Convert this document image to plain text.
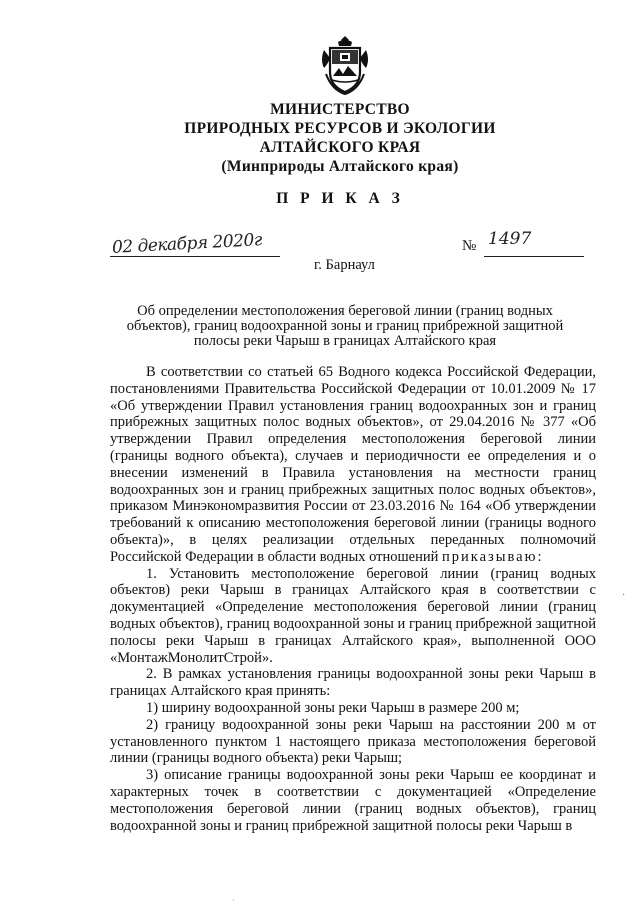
МИНИСТЕРСТВО
ПРИРОДНЫХ РЕСУРСОВ И ЭКОЛОГИИ
АЛТАЙСКОГО КРАЯ
(Минприроды Алтайского края)
П Р И К А З
02 декабря 2020г	№ 1497
г. Барнаул
Об определении местоположения береговой линии (границ водных
объектов), границ водоохранной зоны и границ прибрежной защитной
полосы реки Чарыш в границах Алтайского края

В соответствии со статьей 65 Водного кодекса Российской Федерации, постановлениями Правительства Российской Федерации от 10.01.2009 № 17 «Об утверждении Правил установления границ водоохранных зон и границ прибрежных защитных полос водных объектов», от 29.04.2016 № 377 «Об утверждении Правил определения местоположения береговой линии (границы водного объекта), случаев и периодичности ее определения и о внесении изменений в Правила установления на местности границ водоохранных зон и границ прибрежных защитных полос водных объектов», приказом Минэкономразвития России от 23.03.2016 № 164 «Об утверждении требований к описанию местоположения береговой линии (границы водного объекта)», в целях реализации отдельных переданных полномочий Российской Федерации в области водных отношений приказываю:

1. Установить местоположение береговой линии (границ водных объектов) реки Чарыш в границах Алтайского края в соответствии с документацией «Определение местоположения береговой линии (границ водных объектов), границ водоохранной зоны и границ прибрежной защитной полосы реки Чарыш в границах Алтайского края», выполненной ООО «МонтажМонолитСтрой».

2. В рамках установления границы водоохранной зоны реки Чарыш в границах Алтайского края принять:

1) ширину водоохранной зоны реки Чарыш в размере 200 м;

2) границу водоохранной зоны реки Чарыш на расстоянии 200 м от установленного пунктом 1 настоящего приказа местоположения береговой линии (границы водного объекта) реки Чарыш;

3) описание границы водоохранной зоны реки Чарыш ее координат и характерных точек в соответствии с документацией «Определение местоположения береговой линии (границ водных объектов), границ водоохранной зоны и границ прибрежной защитной полосы реки Чарыш в

·
·
